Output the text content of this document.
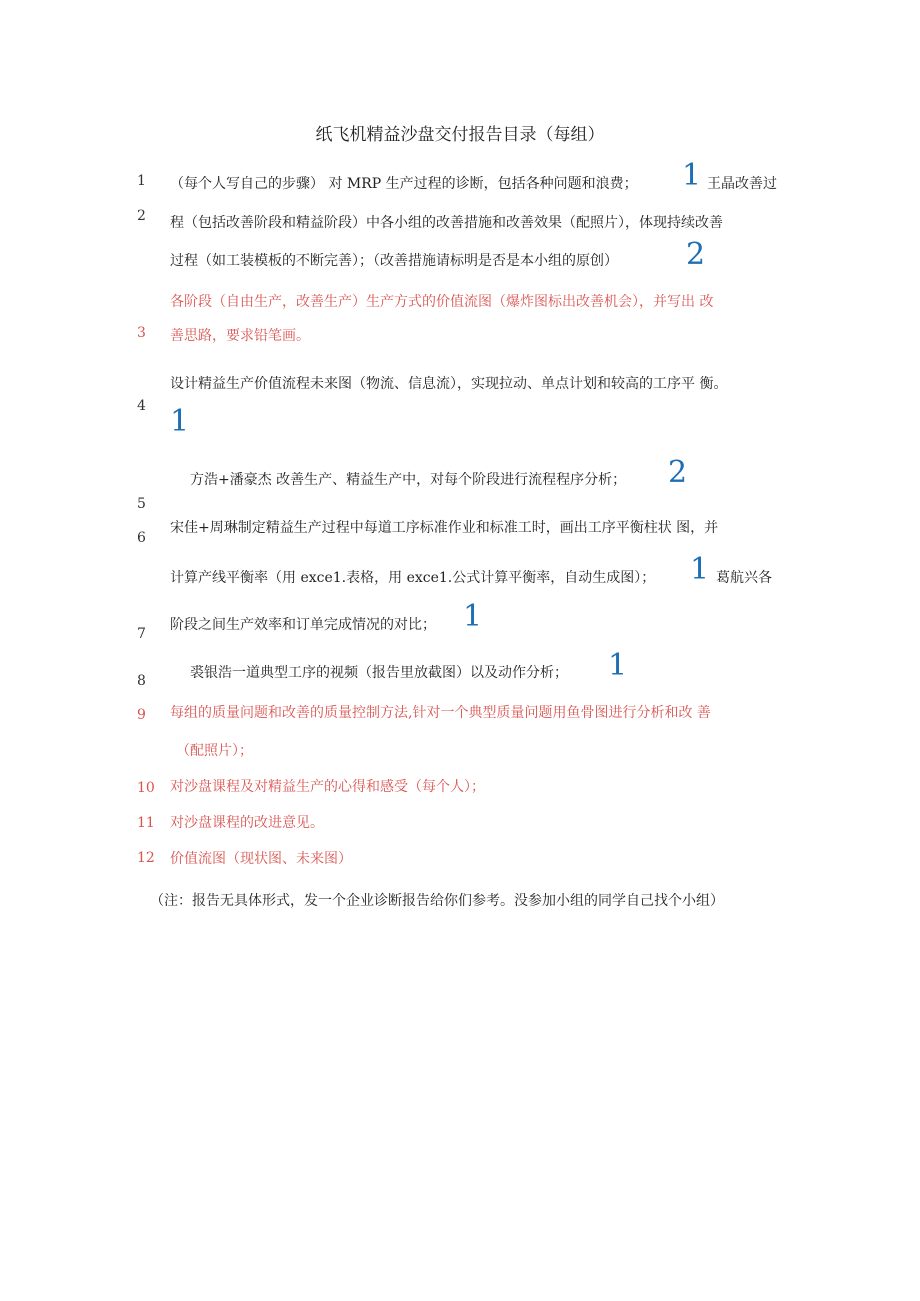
纸飞机精益沙盘交付报告目录（每组）
1
2
3
4
5
6
7
8
9
10
11
12
（每个人写自己的步骤） 对 MRP 生产过程的诊断，包括各种问题和浪费； 1 王晶改善过
程（包括改善阶段和精益阶段）中各小组的改善措施和改善效果（配照片），体现持续改善
过程（如工装模板的不断完善）；（改善措施请标明是否是本小组的原创） 2
各阶段（自由生产，改善生产）生产方式的价值流图（爆炸图标出改善机会），并写出 改
善思路，要求铅笔画。
设计精益生产价值流程未来图（物流、信息流），实现拉动、单点计划和较高的工序平 衡。
1
方浩+潘豪杰 改善生产、精益生产中，对每个阶段进行流程程序分析； 2
宋佳+周琳制定精益生产过程中每道工序标准作业和标准工时，画出工序平衡柱状 图，并
计算产线平衡率（用 exce1.表格，用 exce1.公式计算平衡率，自动生成图）； 1 葛航兴各
阶段之间生产效率和订单完成情况的对比； 1
裘银浩一道典型工序的视频（报告里放截图）以及动作分析； 1
每组的质量问题和改善的质量控制方法,针对一个典型质量问题用鱼骨图进行分析和改 善
（配照片）；
对沙盘课程及对精益生产的心得和感受（每个人）；
对沙盘课程的改进意见。
价值流图（现状图、未来图）
（注：报告无具体形式，发一个企业诊断报告给你们参考。没参加小组的同学自己找个小组）
